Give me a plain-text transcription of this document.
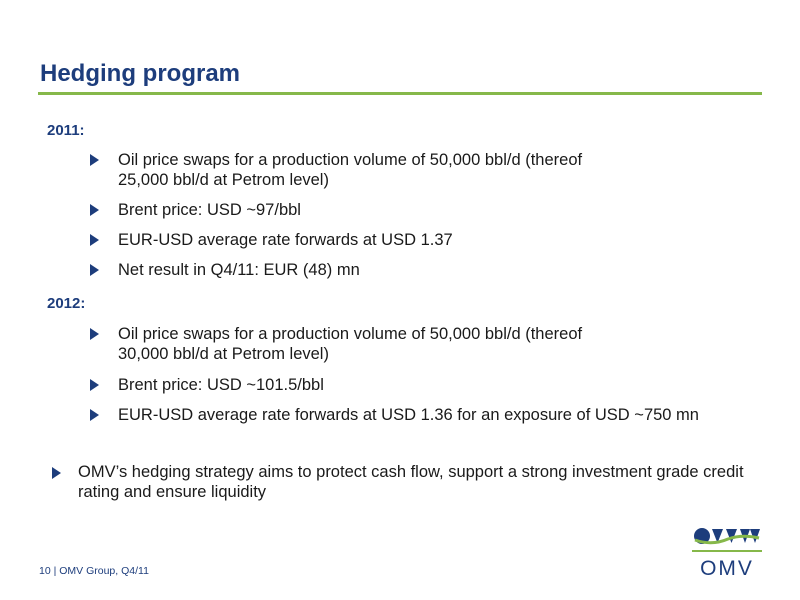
Hedging program
2011:
Oil price swaps for a production volume of 50,000 bbl/d (thereof
25,000 bbl/d at Petrom level)
Brent price: USD ~97/bbl
EUR-USD average rate forwards at USD 1.37
Net result in Q4/11: EUR (48) mn
2012:
Oil price swaps for a production volume of 50,000 bbl/d (thereof
30,000 bbl/d at Petrom level)
Brent price: USD ~101.5/bbl
EUR-USD average rate forwards at USD 1.36 for an exposure of USD ~750 mn
OMV’s hedging strategy aims to protect cash flow, support a strong investment grade credit rating and ensure liquidity
10 | OMV Group, Q4/11	OMV
